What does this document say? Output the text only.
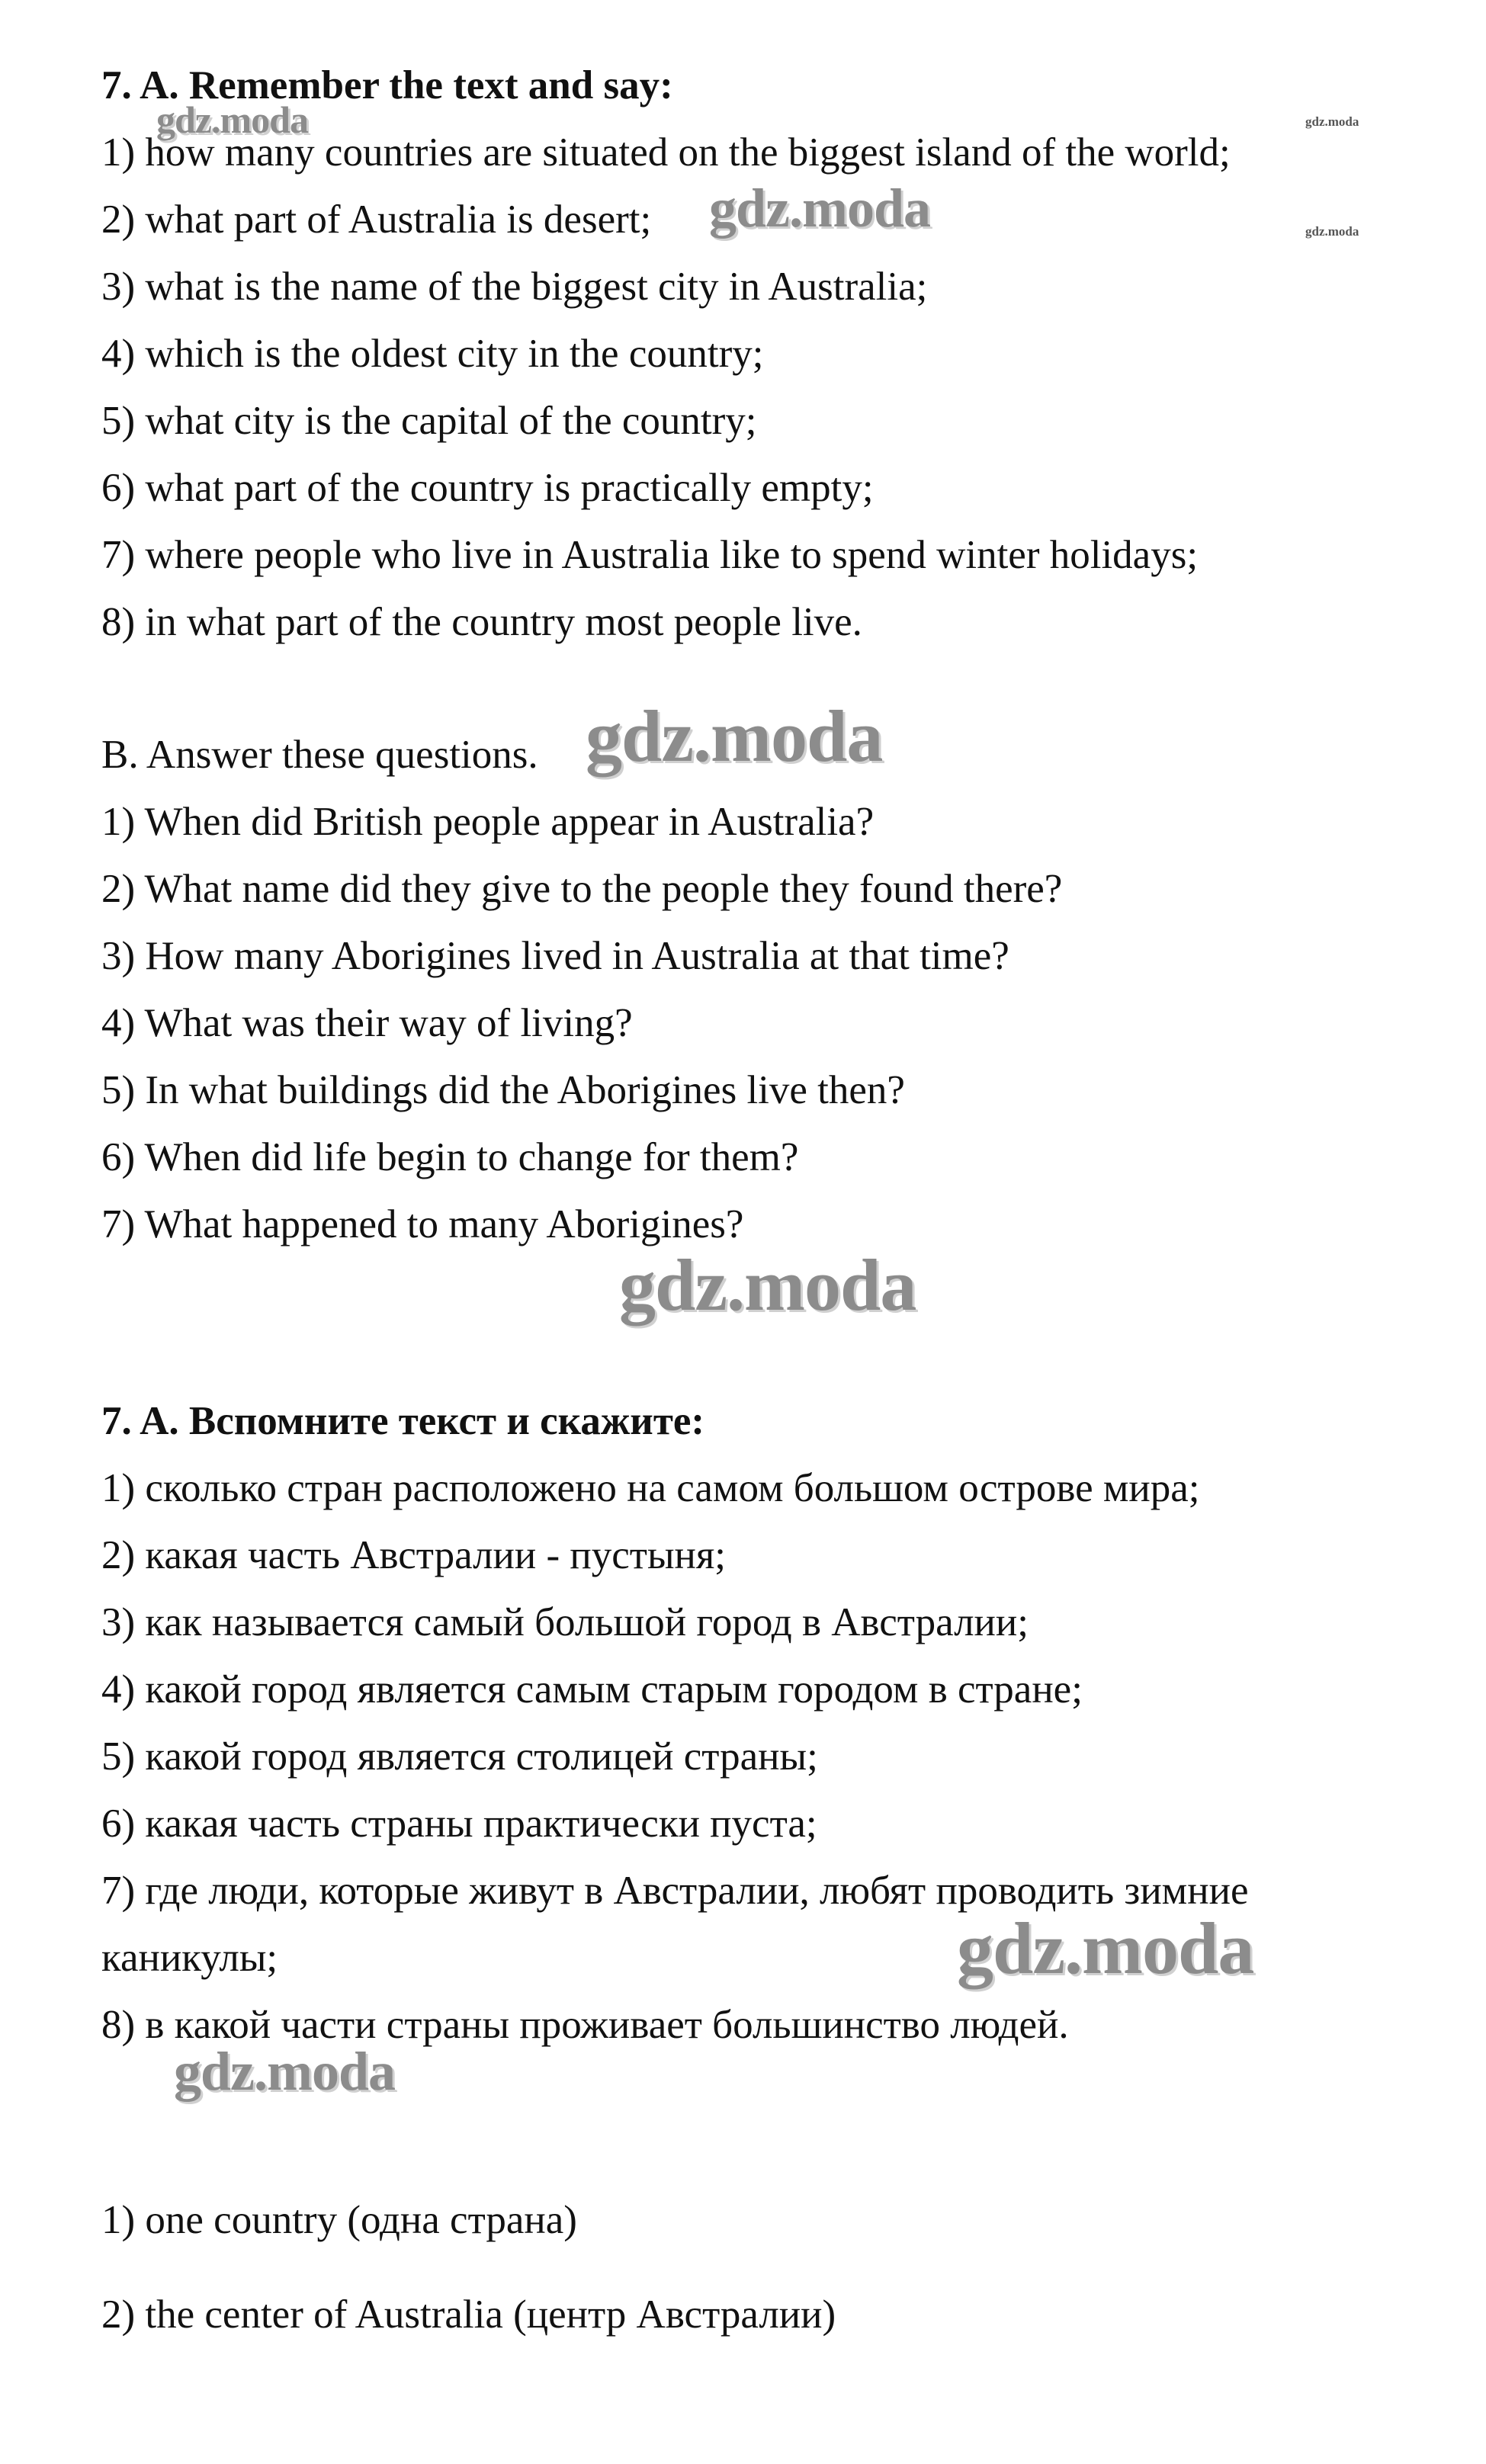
7. A. Remember the text and say:
1) how many countries are situated on the biggest island of the world;
2) what part of Australia is desert;
3) what is the name of the biggest city in Australia;
4) which is the oldest city in the country;
5) what city is the capital of the country;
6) what part of the country is practically empty;
7) where people who live in Australia like to spend winter holidays;
8) in what part of the country most people live.
B. Answer these questions.
1) When did British people appear in Australia?
2) What name did they give to the people they found there?
3) How many Aborigines lived in Australia at that time?
4) What was their way of living?
5) In what buildings did the Aborigines live then?
6) When did life begin to change for them?
7) What happened to many Aborigines?
7. A. Вспомните текст и скажите:
1) сколько стран расположено на самом большом острове мира;
2) какая часть Австралии - пустыня;
3) как называется самый большой город в Австралии;
4) какой город является самым старым городом в стране;
5) какой город является столицей страны;
6) какая часть страны практически пуста;
7) где люди, которые живут в Австралии, любят проводить зимние
каникулы;
8) в какой части страны проживает большинство людей.
1) one country (одна страна)
2) the center of Australia (центр Австралии)
gdz.moda	gdz.moda
gdz.moda	gdz.moda
gdz.moda
gdz.moda
gdz.moda
gdz.moda
